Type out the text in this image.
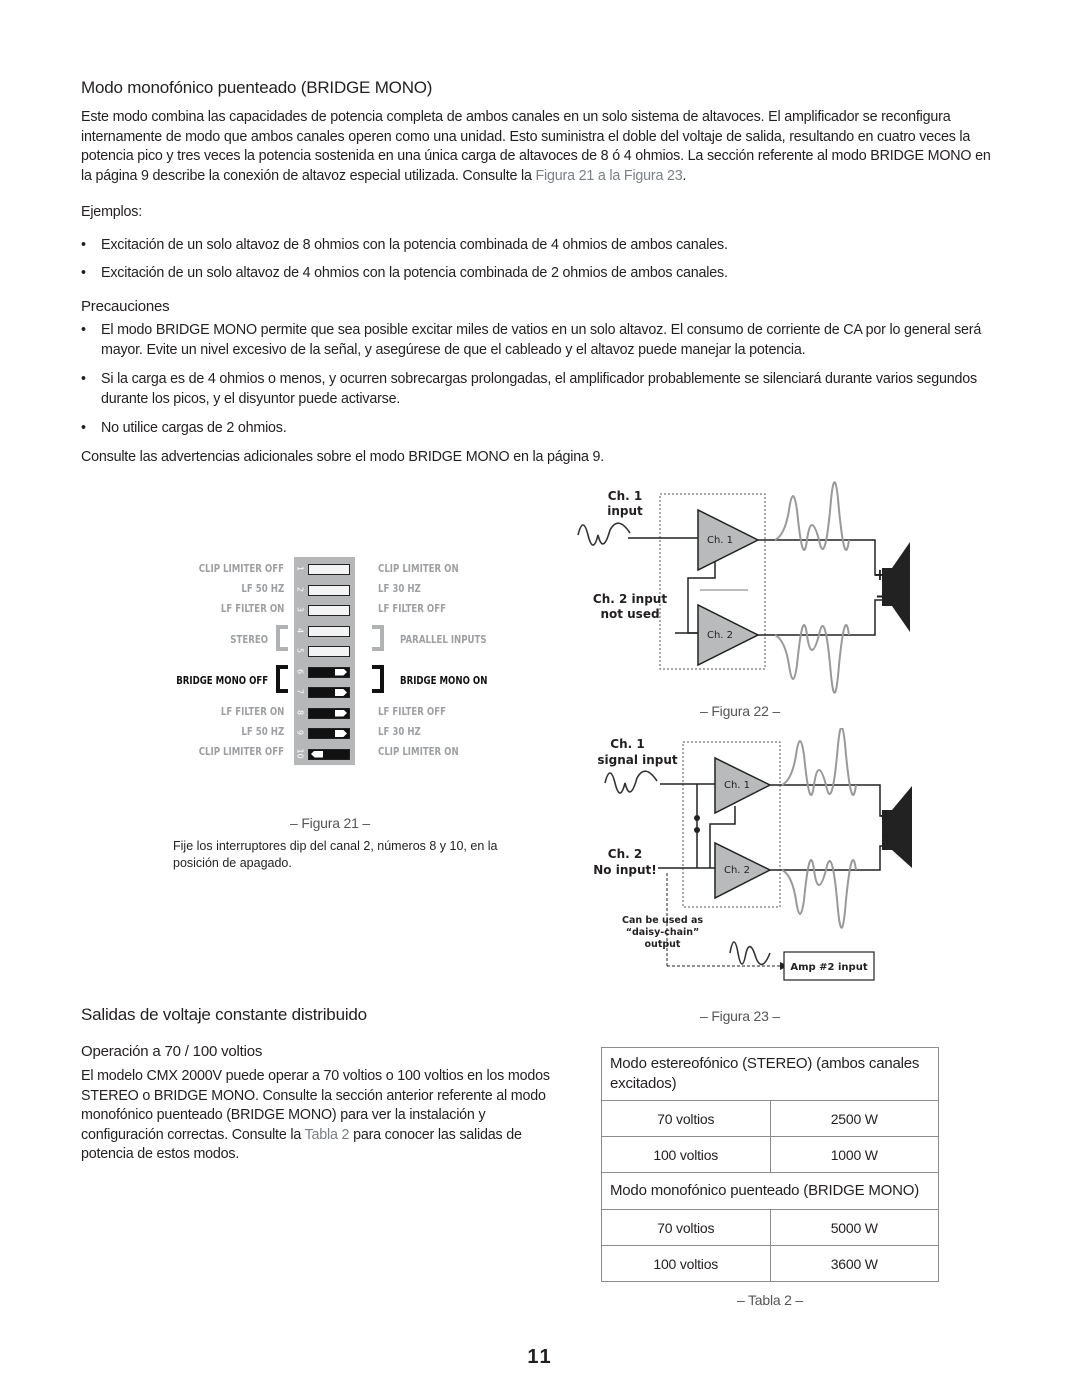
Modo monofónico puenteado (BRIDGE MONO)
Este modo combina las capacidades de potencia completa de ambos canales en un solo sistema de altavoces. El amplificador se reconfigura internamente de modo que ambos canales operen como una unidad. Esto suministra el doble del voltaje de salida, resultando en cuatro veces la potencia pico y tres veces la potencia sostenida en una única carga de altavoces de 8 ó 4 ohmios. La sección referente al modo BRIDGE MONO en la página 9 describe la conexión de altavoz especial utilizada. Consulte la Figura 21 a la Figura 23.
Ejemplos:
• Excitación de un solo altavoz de 8 ohmios con la potencia combinada de 4 ohmios de ambos canales.
• Excitación de un solo altavoz de 4 ohmios con la potencia combinada de 2 ohmios de ambos canales.
Precauciones
• El modo BRIDGE MONO permite que sea posible excitar miles de vatios en un solo altavoz. El consumo de corriente de CA por lo general será mayor. Evite un nivel excesivo de la señal, y asegúrese de que el cableado y el altavoz puede manejar la potencia.
• Si la carga es de 4 ohmios o menos, y ocurren sobrecargas prolongadas, el amplificador probablemente se silenciará durante varios segundos durante los picos, y el disyuntor puede activarse.
• No utilice cargas de 2 ohmios.
Consulte las advertencias adicionales sobre el modo BRIDGE MONO en la página 9.
CLIP LIMITER OFF
LF 50 HZ
LF FILTER ON
STEREO
BRIDGE MONO OFF
LF FILTER ON
LF 50 HZ
CLIP LIMITER OFF
CLIP LIMITER ON
LF 30 HZ
LF FILTER OFF
PARALLEL INPUTS
BRIDGE MONO ON
LF FILTER OFF
LF 30 HZ
CLIP LIMITER ON
1
2
3
4
5
6
7
8
9
10
– Figura 21 –
Fije los interruptores dip del canal 2, números 8 y 10, en la posición de apagado.
Ch. 1 input
Ch. 2 input not used
Ch. 1
Ch. 2
+
–
– Figura 22 –
Ch. 1
signal input
Ch. 2
No input!
Ch. 1
Ch. 2
Can be used as “daisy-chain” output
Amp #2 input
+
–
Salidas de voltaje constante distribuido
Operación a 70 / 100 voltios
El modelo CMX 2000V puede operar a 70 voltios o 100 voltios en los modos STEREO o BRIDGE MONO. Consulte la sección anterior referente al modo monofónico puenteado (BRIDGE MONO) para ver la instalación y configuración correctas. Consulte la Tabla 2 para conocer las salidas de potencia de estos modos.
– Figura 23 –
Modo estereofónico (STEREO) (ambos canales excitados)
70 voltios	2500 W
100 voltios	1000 W
Modo monofónico puenteado (BRIDGE MONO)
70 voltios	5000 W
100 voltios	3600 W
– Tabla 2 –
11
